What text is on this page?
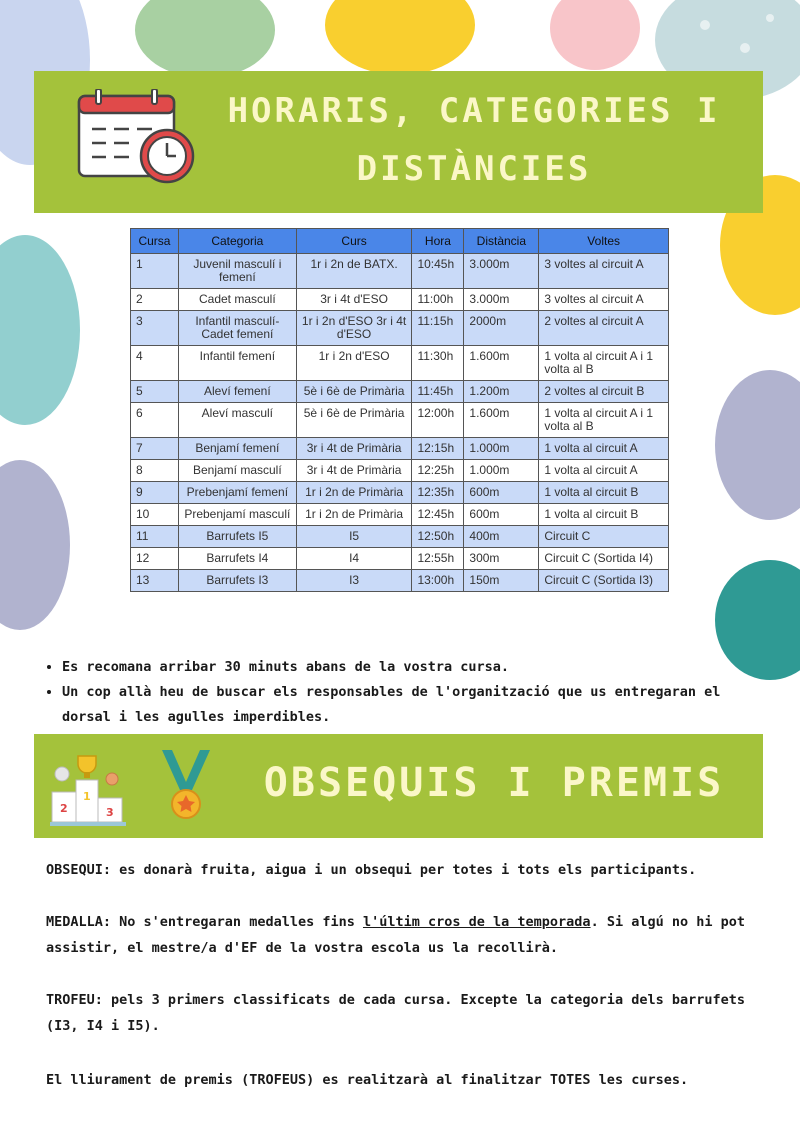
HORARIS, CATEGORIES I
DISTÀNCIES
Cursa	Categoria	Curs	Hora	Distància	Voltes
1	Juvenil masculí i femení	1r i 2n de BATX.	10:45h	3.000m	3 voltes al circuit A
2	Cadet masculí	3r i 4t d'ESO	11:00h	3.000m	3 voltes al circuit A
3	Infantil masculí-Cadet femení	1r i 2n d'ESO 3r i 4t d'ESO	11:15h	2000m	2 voltes al circuit A
4	Infantil femení	1r i 2n d'ESO	11:30h	1.600m	1 volta al circuit A i 1 volta al B
5	Aleví femení	5è i 6è de Primària	11:45h	1.200m	2 voltes al circuit B
6	Aleví masculí	5è i 6è de Primària	12:00h	1.600m	1 volta al circuit A i 1 volta al B
7	Benjamí femení	3r i 4t de Primària	12:15h	1.000m	1 volta al circuit A
8	Benjamí masculí	3r i 4t de Primària	12:25h	1.000m	1 volta al circuit A
9	Prebenjamí femení	1r i 2n de Primària	12:35h	600m	1 volta al circuit B
10	Prebenjamí masculí	1r i 2n de Primària	12:45h	600m	1 volta al circuit B
11	Barrufets I5	I5	12:50h	400m	Circuit C
12	Barrufets I4	I4	12:55h	300m	Circuit C (Sortida I4)
13	Barrufets I3	I3	13:00h	150m	Circuit C (Sortida I3)
• Es recomana arribar 30 minuts abans de la vostra cursa.
• Un cop allà heu de buscar els responsables de l'organització que us entregaran el dorsal i les agulles imperdibles.
1
2	3
OBSEQUIS I PREMIS

OBSEQUI: es donarà fruita, aigua i un obsequi per totes i tots els participants.

MEDALLA: No s'entregaran medalles fins l'últim cros de la temporada. Si algú no hi pot assistir, el mestre/a d'EF de la vostra escola us la recollirà.

TROFEU: pels 3 primers classificats de cada cursa. Excepte la categoria dels barrufets (I3, I4 i I5).

El lliurament de premis (TROFEUS) es realitzarà al finalitzar TOTES les curses.
